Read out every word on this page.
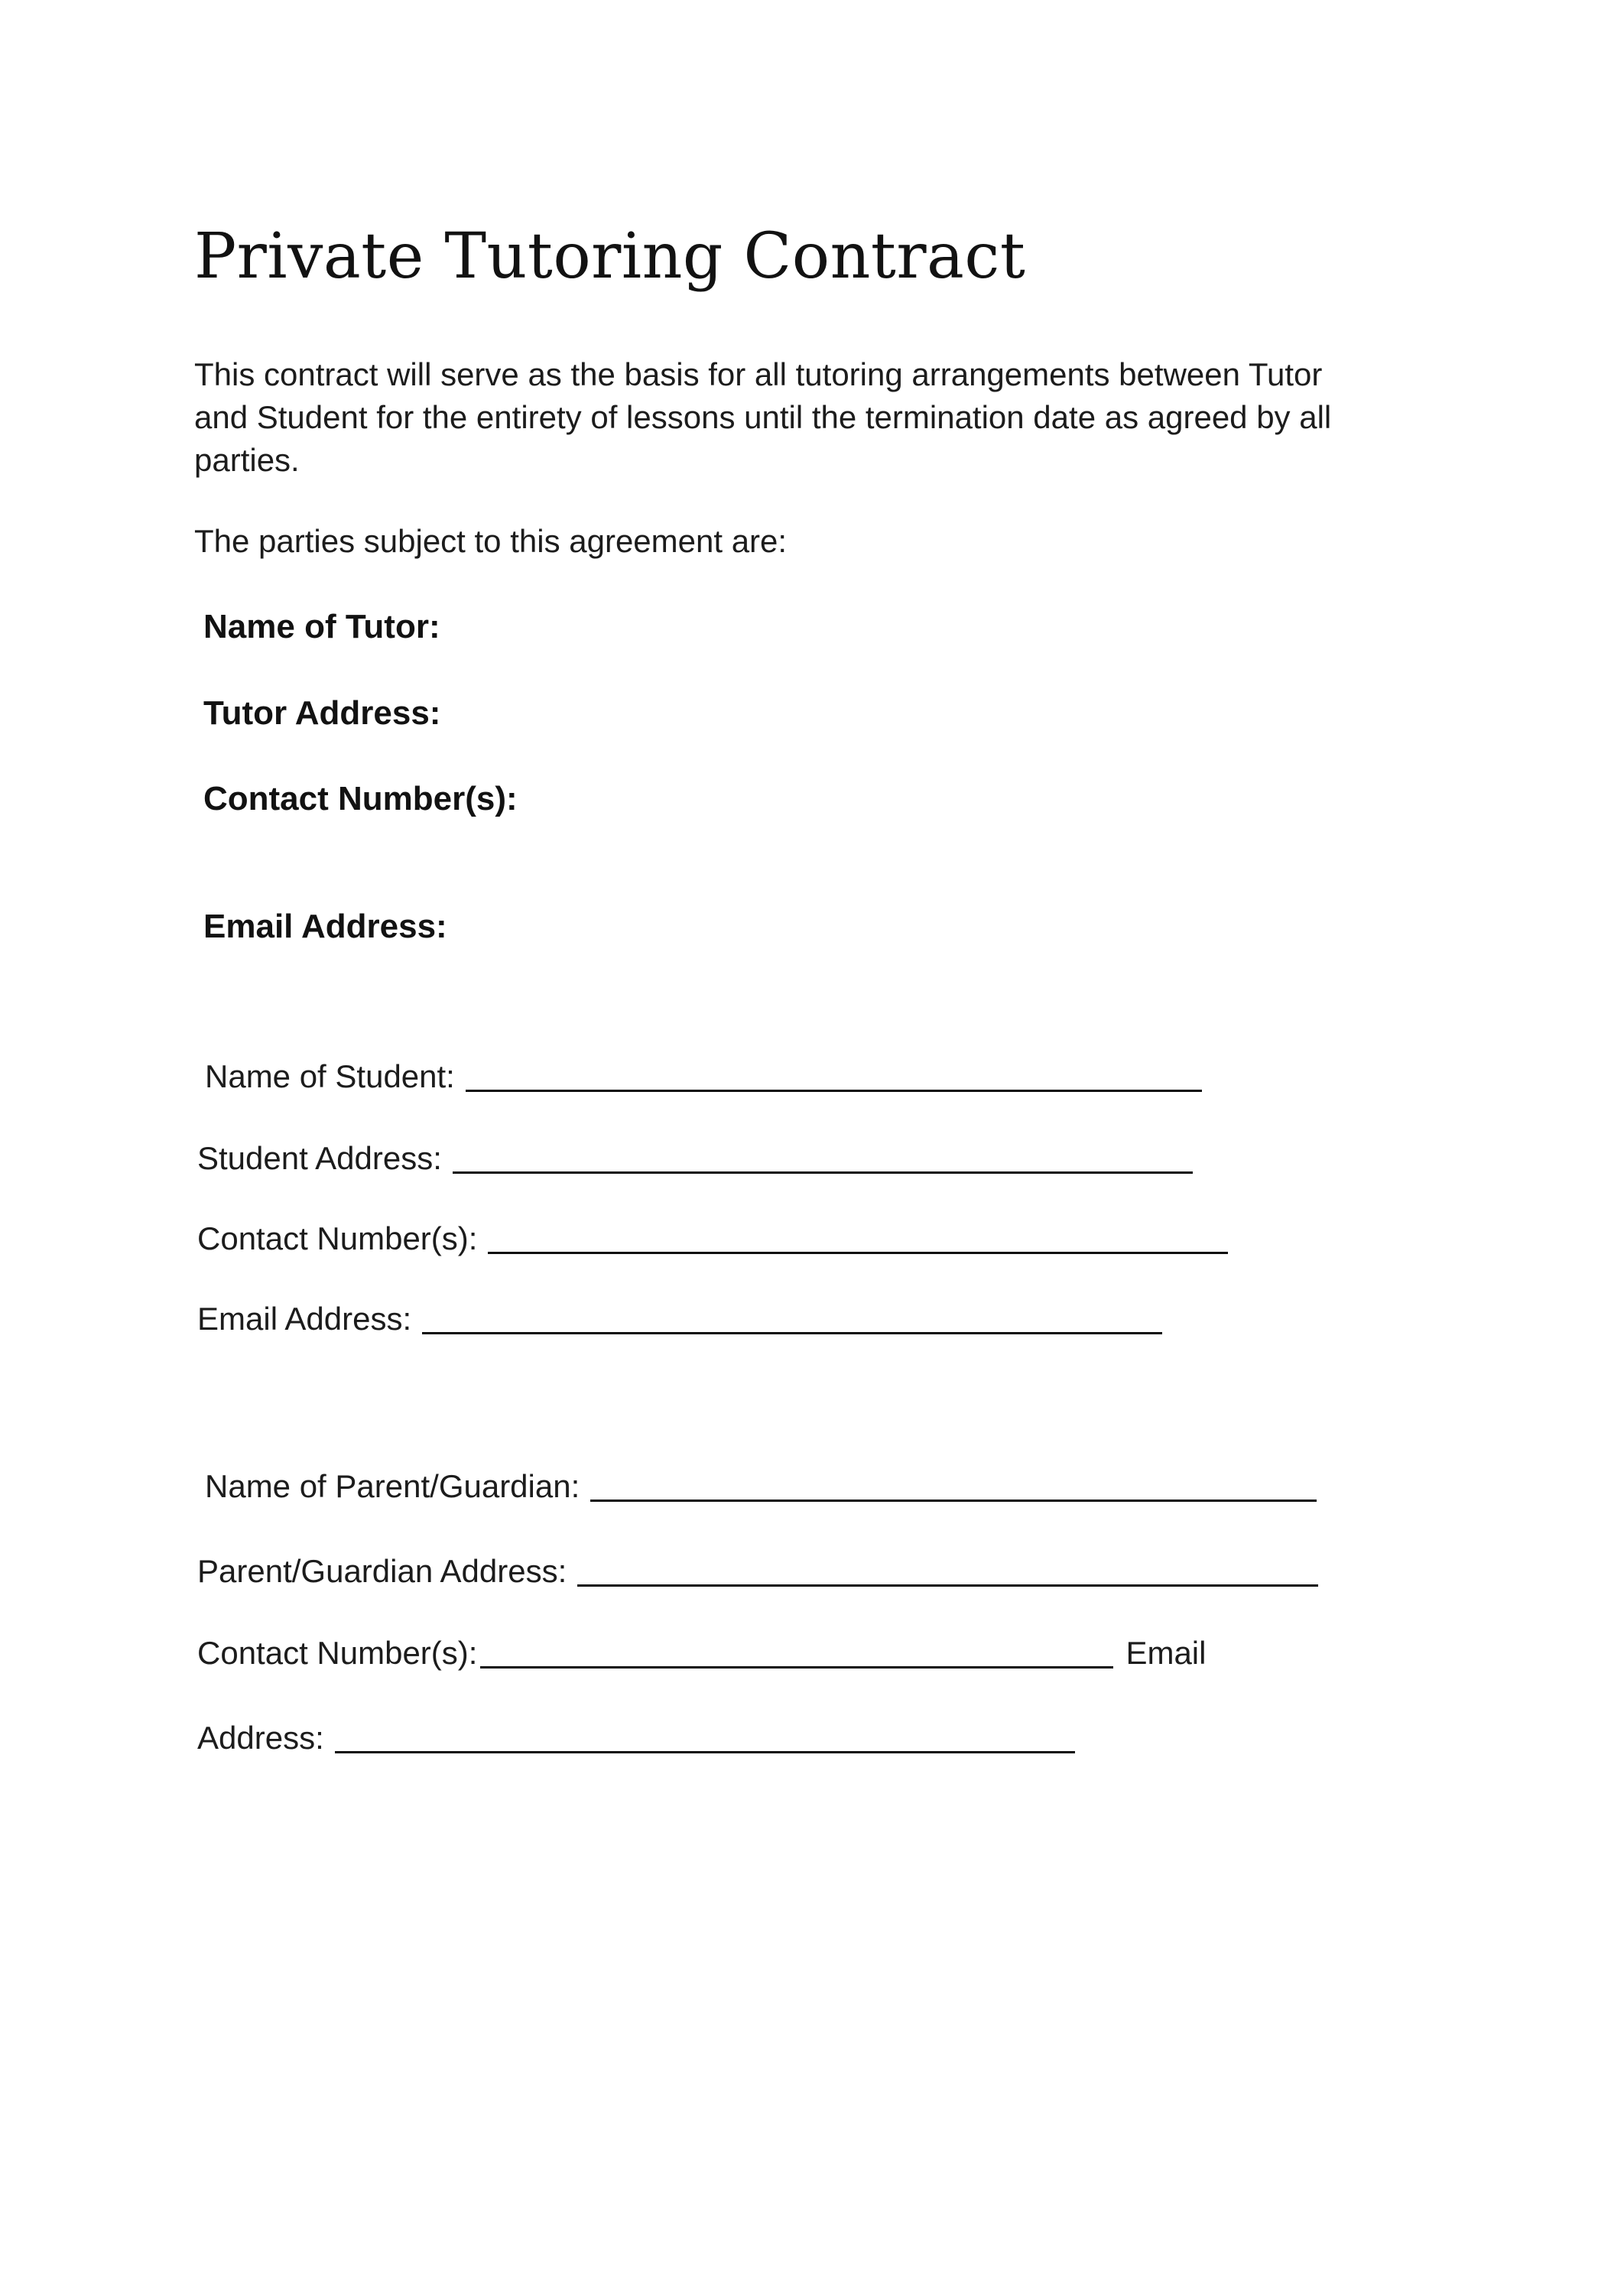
Private Tutoring Contract
This contract will serve as the basis for all tutoring arrangements between Tutor
and Student for the entirety of lessons until the termination date as agreed by all
parties.
The parties subject to this agreement are:
Name of Tutor:
Tutor Address:
Contact Number(s):
Email Address:
Name of Student:
Student Address:
Contact Number(s):
Email Address:
Name of Parent/Guardian:
Parent/Guardian Address:
Contact Number(s):	Email
Address:
